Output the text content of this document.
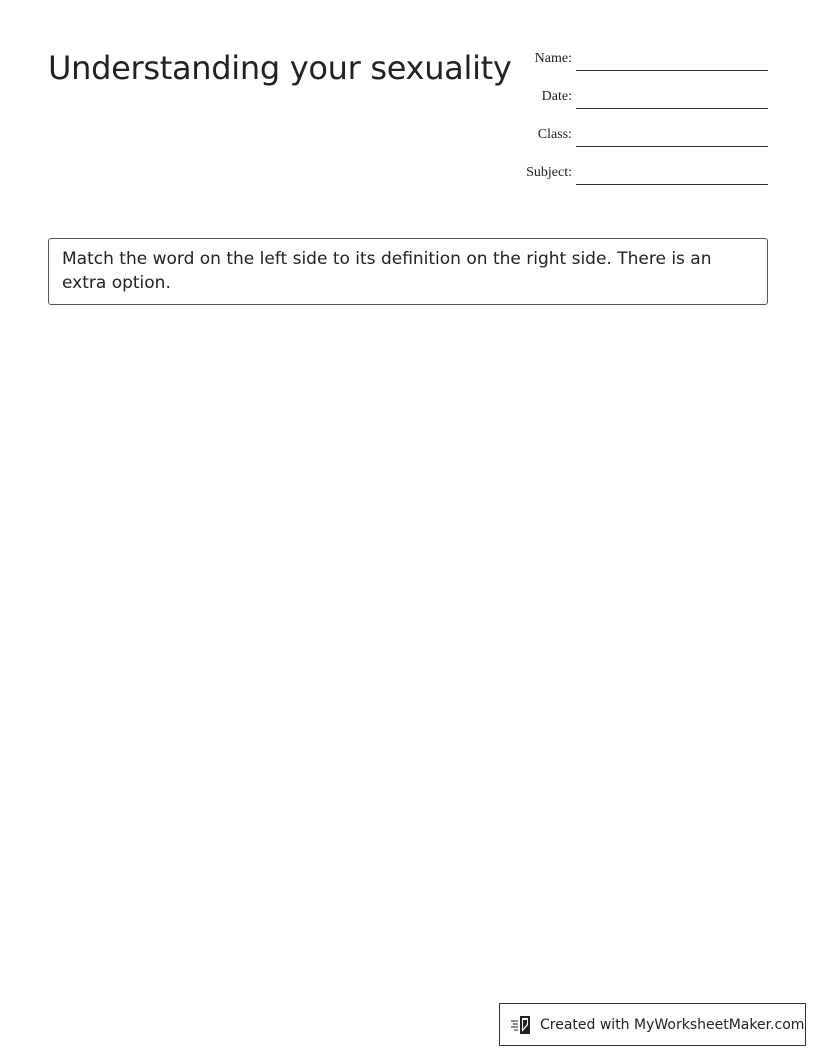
Understanding your sexuality Name:
Date:
Class:
Subject:
Match the word on the left side to its definition on the right side. There is an extra option.
Created with MyWorksheetMaker.com
